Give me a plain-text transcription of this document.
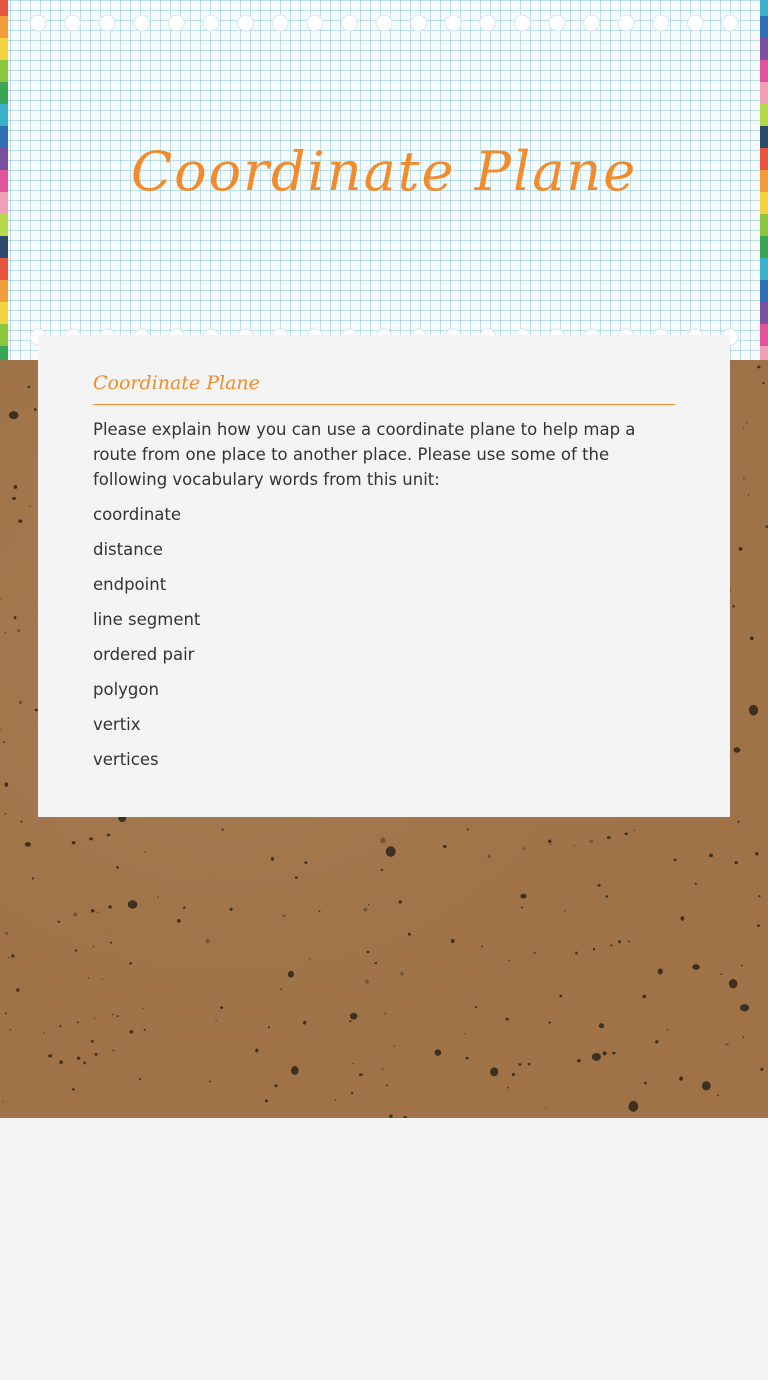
Coordinate Plane
Coordinate Plane

Please explain how you can use a coordinate plane to help map a route from one place to another place. Please use some of the following vocabulary words from this unit:

coordinate
distance
endpoint
line segment
ordered pair
polygon
vertix
vertices
